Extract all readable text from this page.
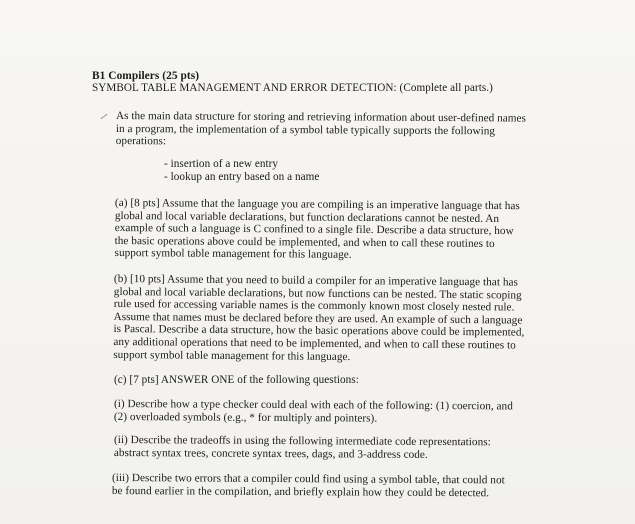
B1 Compilers (25 pts)
SYMBOL TABLE MANAGEMENT AND ERROR DETECTION: (Complete all parts.)
As the main data structure for storing and retrieving information about user-defined names
in a program, the implementation of a symbol table typically supports the following
operations:
- insertion of a new entry
- lookup an entry based on a name
(a) [8 pts] Assume that the language you are compiling is an imperative language that has
global and local variable declarations, but function declarations cannot be nested. An
example of such a language is C confined to a single file. Describe a data structure, how
the basic operations above could be implemented, and when to call these routines to
support symbol table management for this language.
(b) [10 pts] Assume that you need to build a compiler for an imperative language that has
global and local variable declarations, but now functions can be nested. The static scoping
rule used for accessing variable names is the commonly known most closely nested rule.
Assume that names must be declared before they are used. An example of such a language
is Pascal. Describe a data structure, how the basic operations above could be implemented,
any additional operations that need to be implemented, and when to call these routines to
support symbol table management for this language.
(c) [7 pts] ANSWER ONE of the following questions:
(i) Describe how a type checker could deal with each of the following: (1) coercion, and
(2) overloaded symbols (e.g., * for multiply and pointers).
(ii) Describe the tradeoffs in using the following intermediate code representations:
abstract syntax trees, concrete syntax trees, dags, and 3-address code.
(iii) Describe two errors that a compiler could find using a symbol table, that could not
be found earlier in the compilation, and briefly explain how they could be detected.
